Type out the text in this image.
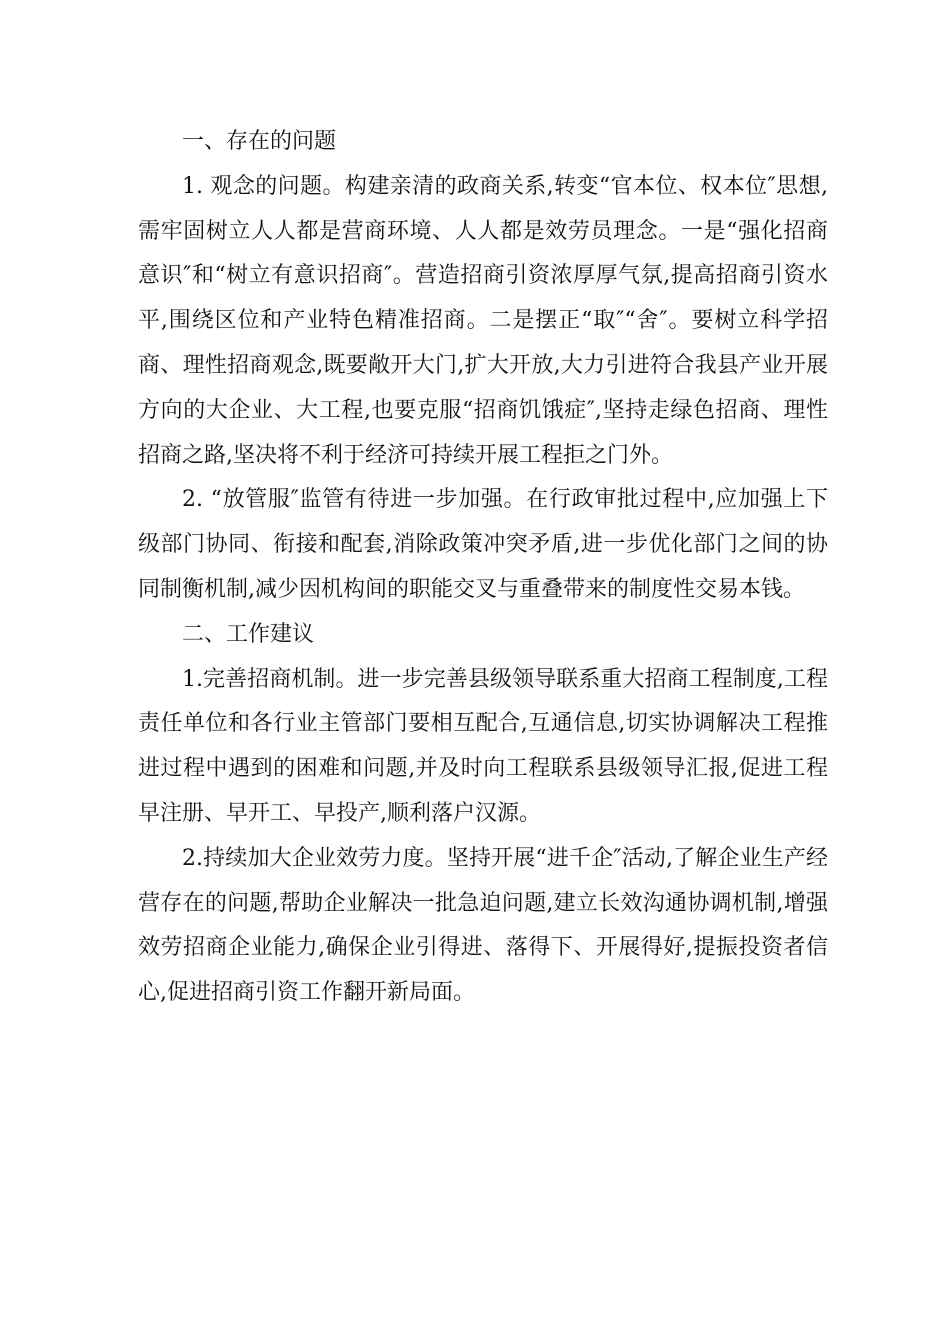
一、存在的问题

1. 观念的问题。构建亲清的政商关系,转变“官本位、权本位″思想,需牢固树立人人都是营商环境、人人都是效劳员理念。一是“强化招商意识″和“树立有意识招商″。营造招商引资浓厚厚气氛,提高招商引资水平,围绕区位和产业特色精准招商。二是摆正“取″“舍″。要树立科学招商、理性招商观念,既要敞开大门,扩大开放,大力引进符合我县产业开展方向的大企业、大工程,也要克服“招商饥饿症″,坚持走绿色招商、理性招商之路,坚决将不利于经济可持续开展工程拒之门外。

2. “放管服″监管有待进一步加强。在行政审批过程中,应加强上下级部门协同、衔接和配套,消除政策冲突矛盾,进一步优化部门之间的协同制衡机制,减少因机构间的职能交叉与重叠带来的制度性交易本钱。

二、工作建议

1.完善招商机制。进一步完善县级领导联系重大招商工程制度,工程责任单位和各行业主管部门要相互配合,互通信息,切实协调解决工程推进过程中遇到的困难和问题,并及时向工程联系县级领导汇报,促进工程早注册、早开工、早投产,顺利落户汉源。

2.持续加大企业效劳力度。坚持开展“进千企″活动,了解企业生产经营存在的问题,帮助企业解决一批急迫问题,建立长效沟通协调机制,增强效劳招商企业能力,确保企业引得进、落得下、开展得好,提振投资者信心,促进招商引资工作翻开新局面。
